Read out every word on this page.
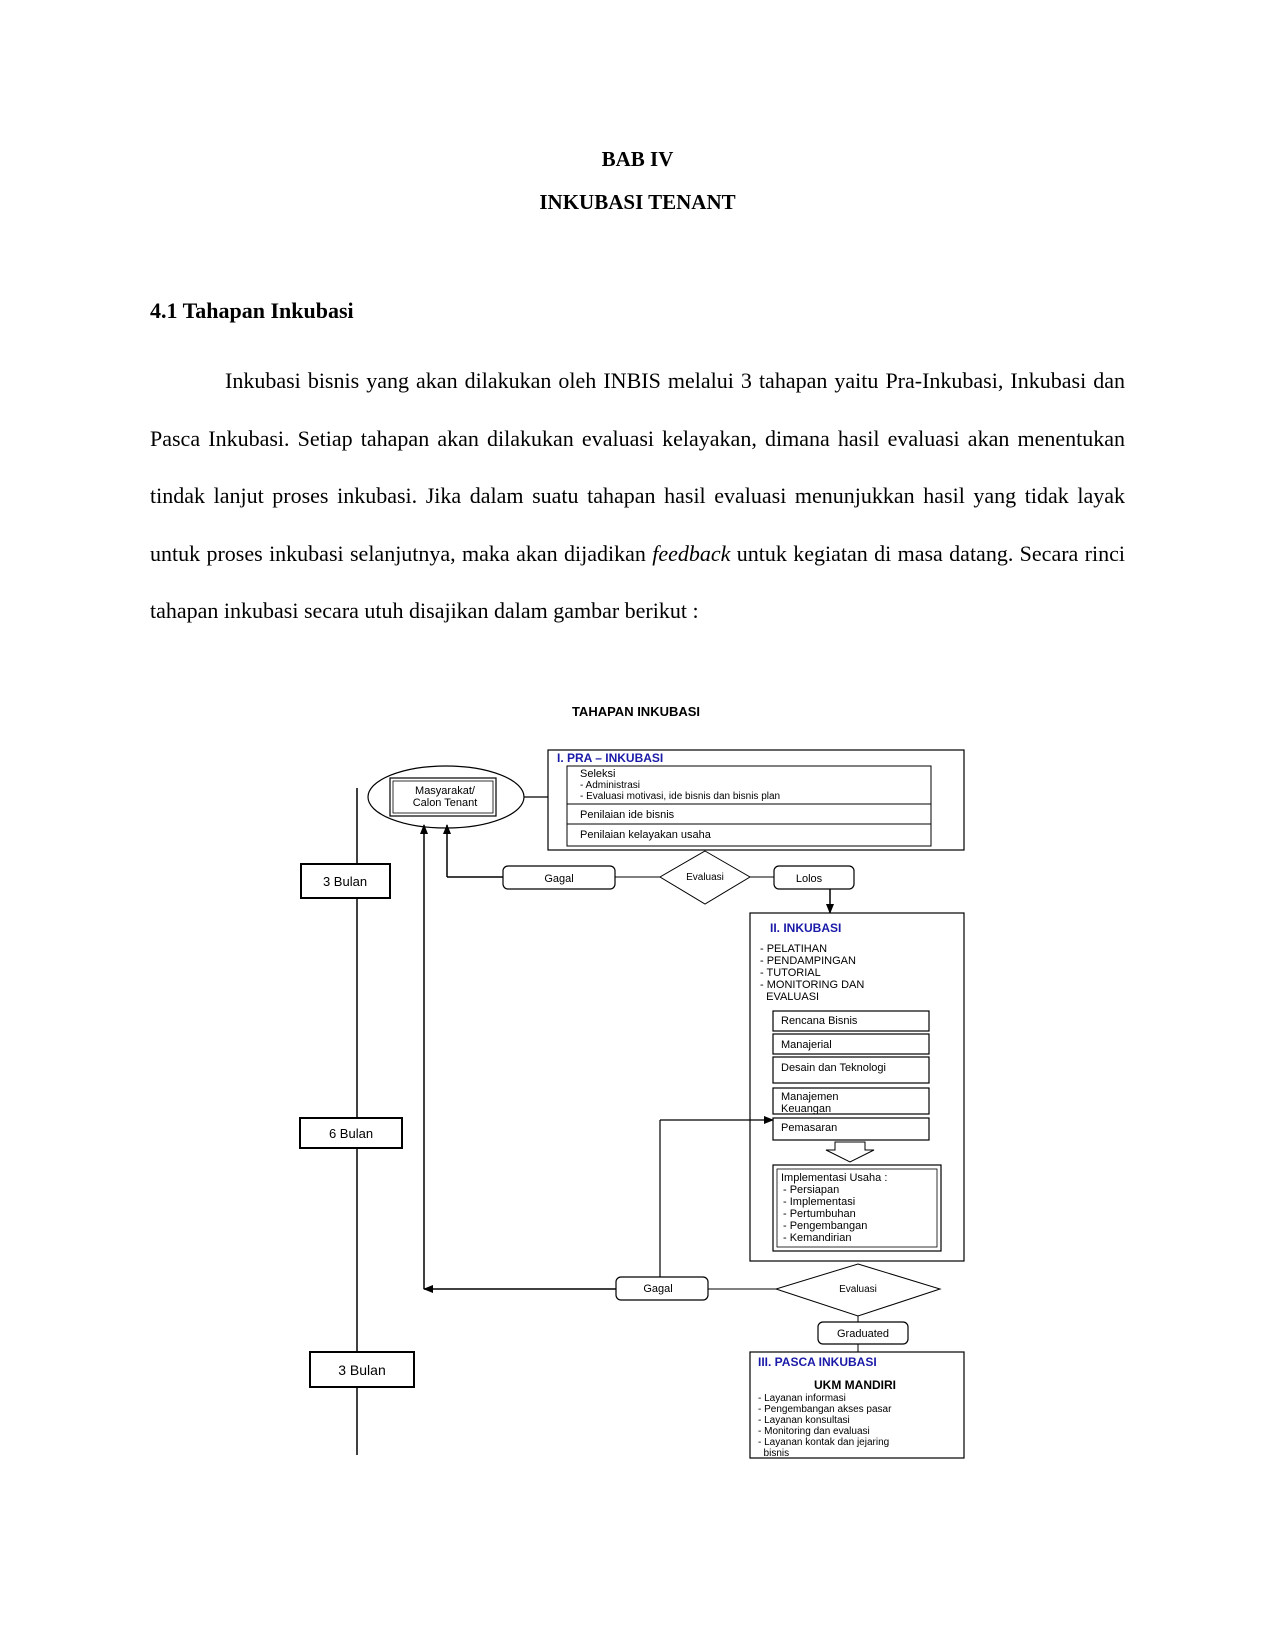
BAB IV
INKUBASI TENANT
4.1 Tahapan Inkubasi

Inkubasi bisnis yang akan dilakukan oleh INBIS melalui 3 tahapan yaitu Pra-Inkubasi, Inkubasi dan Pasca Inkubasi. Setiap tahapan akan dilakukan evaluasi kelayakan, dimana hasil evaluasi akan menentukan tindak lanjut proses inkubasi. Jika dalam suatu tahapan hasil evaluasi menunjukkan hasil yang tidak layak untuk proses inkubasi selanjutnya, maka akan dijadikan feedback untuk kegiatan di masa datang. Secara rinci tahapan inkubasi secara utuh disajikan dalam gambar berikut :

TAHAPAN INKUBASI
3 Bulan
6 Bulan
3 Bulan
Masyarakat/
Calon Tenant
I. PRA – INKUBASI
Seleksi
- Administrasi
- Evaluasi motivasi, ide bisnis dan bisnis plan
Penilaian ide bisnis
Penilaian kelayakan usaha
Gagal	Evaluasi	Lolos
II. INKUBASI
- PELATIHAN
- PENDAMPINGAN
- TUTORIAL
- MONITORING DAN
EVALUASI
Rencana Bisnis
Manajerial
Desain dan Teknologi
Manajemen
Keuangan
Pemasaran
Implementasi Usaha :
- Persiapan
- Implementasi
- Pertumbuhan
- Pengembangan
- Kemandirian
Gagal	Evaluasi
Graduated
III. PASCA INKUBASI
UKM MANDIRI
- Layanan informasi
- Pengembangan akses pasar
- Layanan konsultasi
- Monitoring dan evaluasi
- Layanan kontak dan jejaring
bisnis
